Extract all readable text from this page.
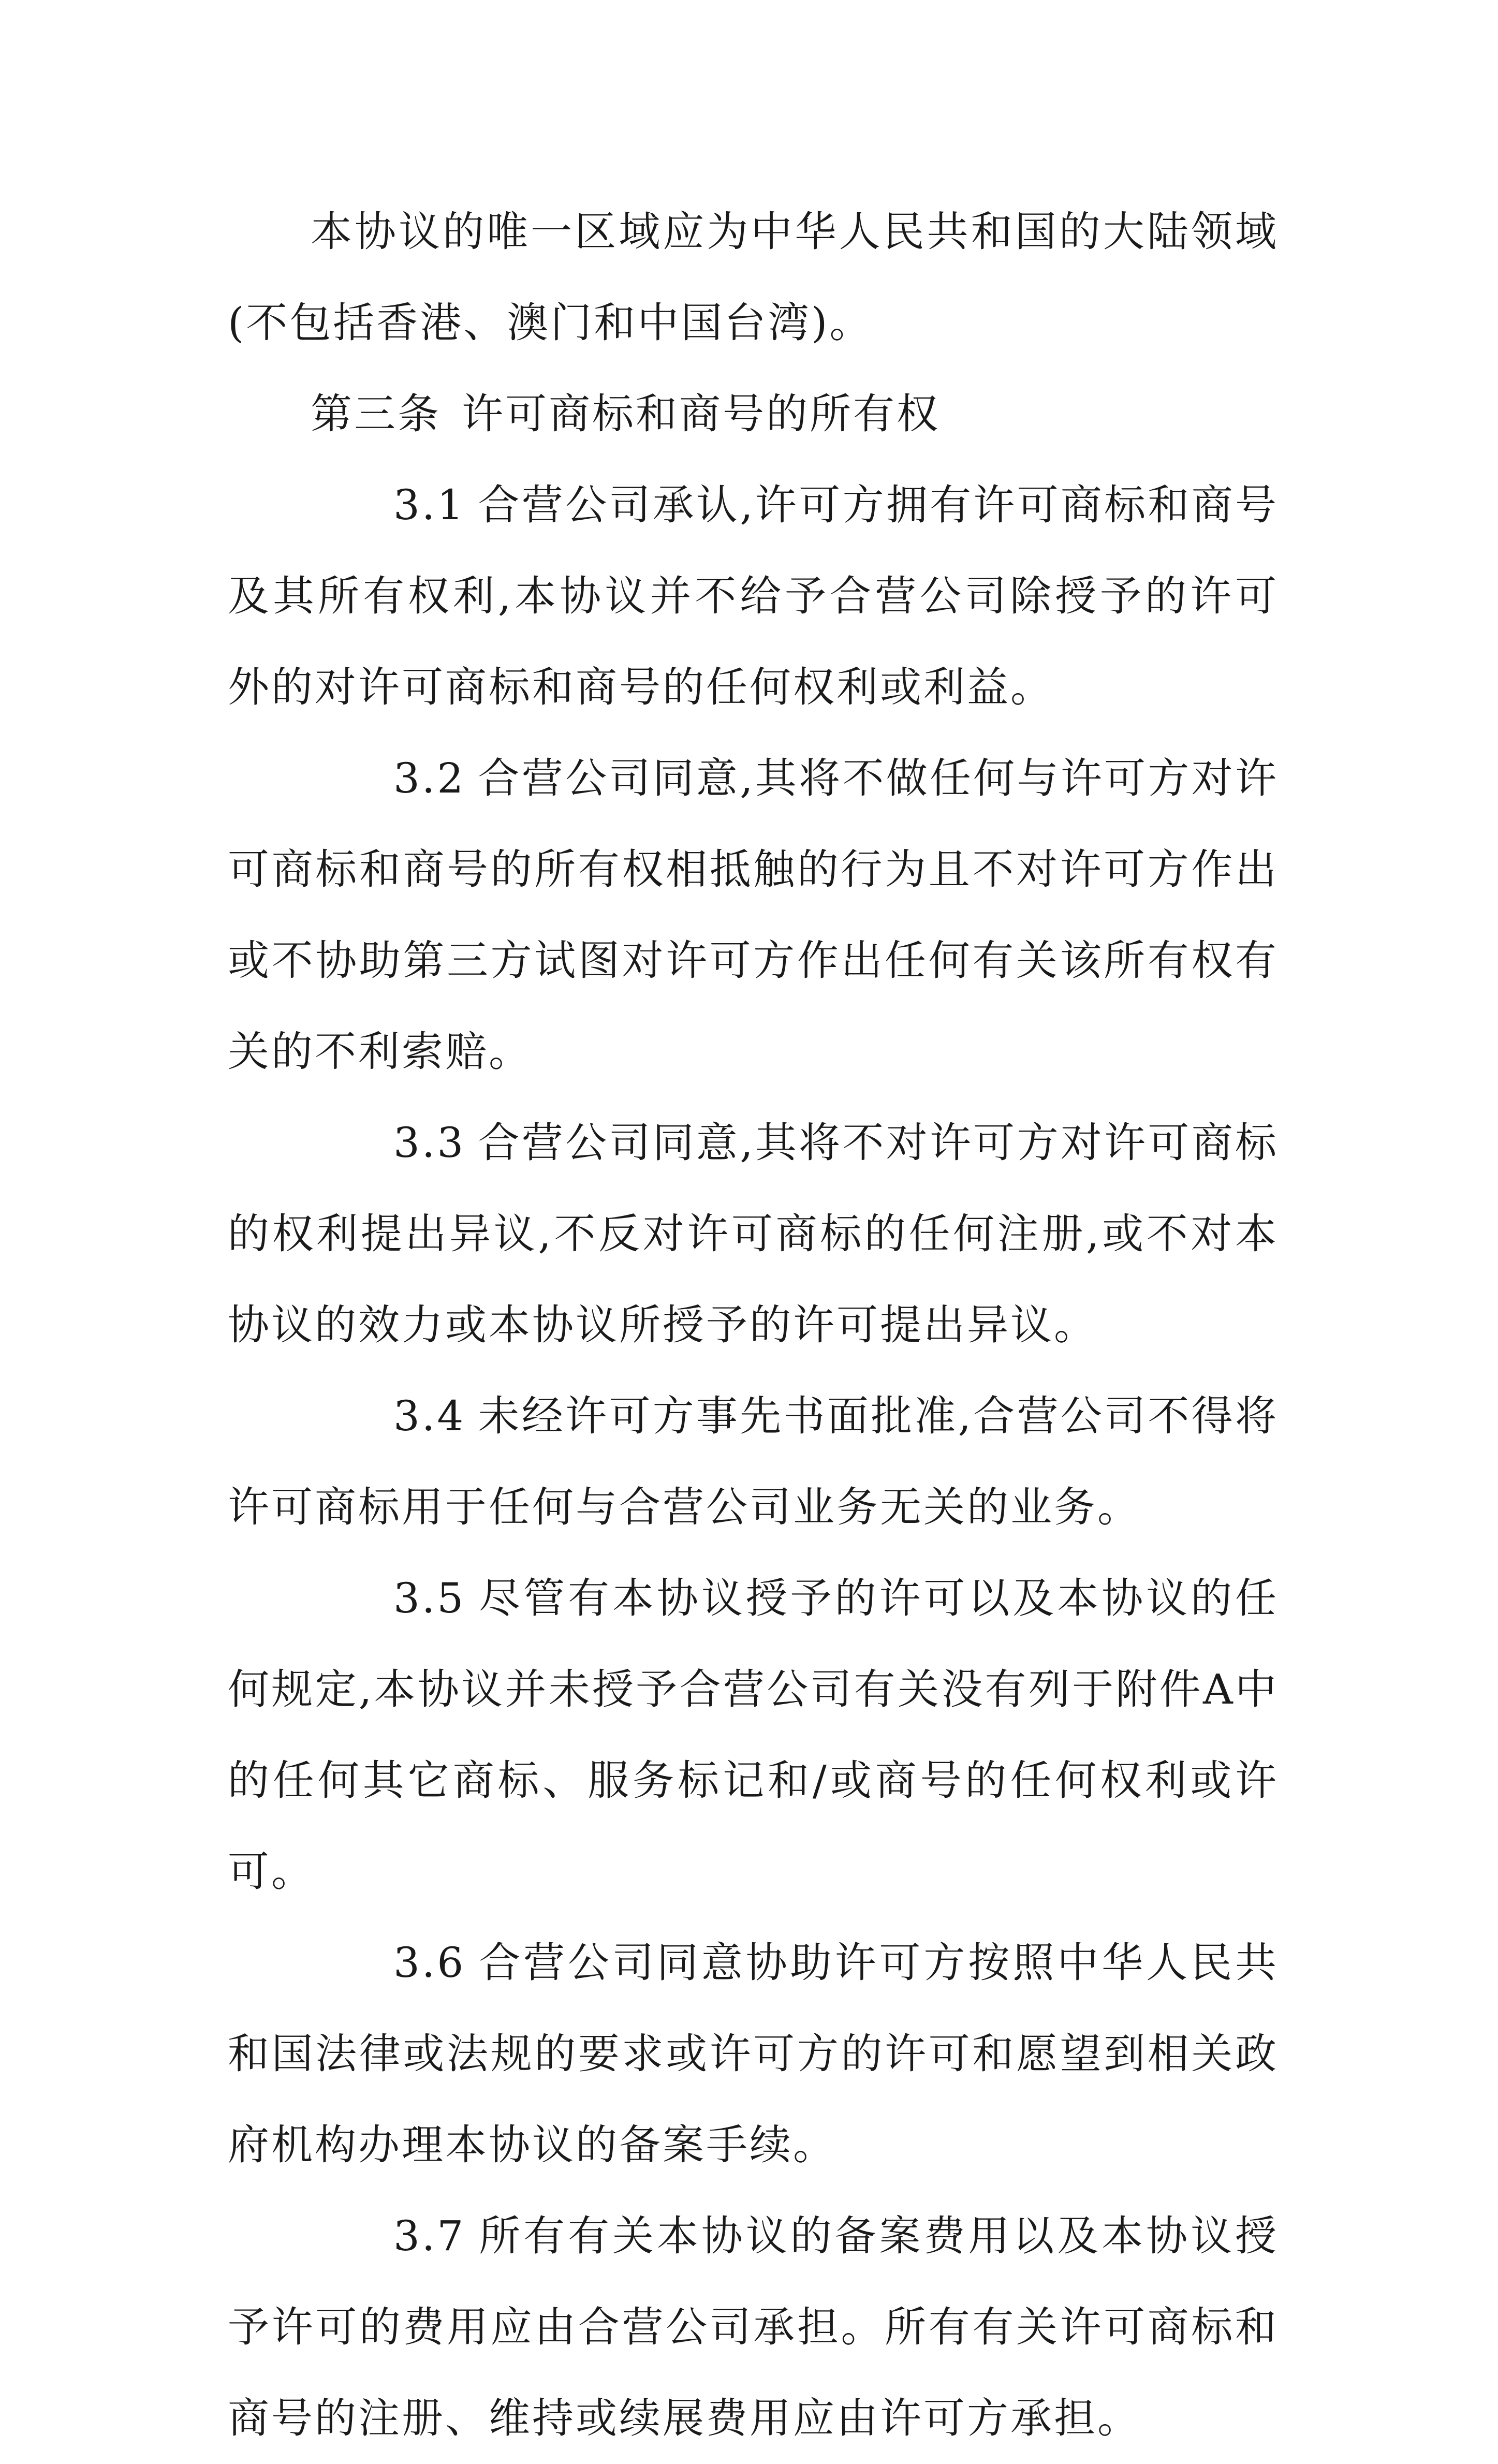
本协议的唯一区域应为中华人民共和国的大陆领域(不包括香港、澳门和中国台湾)。

第三条 许可商标和商号的所有权

3.1 合营公司承认,许可方拥有许可商标和商号及其所有权利,本协议并不给予合营公司除授予的许可外的对许可商标和商号的任何权利或利益。

3.2 合营公司同意,其将不做任何与许可方对许可商标和商号的所有权相抵触的行为且不对许可方作出或不协助第三方试图对许可方作出任何有关该所有权有关的不利索赔。

3.3 合营公司同意,其将不对许可方对许可商标的权利提出异议,不反对许可商标的任何注册,或不对本协议的效力或本协议所授予的许可提出异议。

3.4 未经许可方事先书面批准,合营公司不得将许可商标用于任何与合营公司业务无关的业务。

3.5 尽管有本协议授予的许可以及本协议的任何规定,本协议并未授予合营公司有关没有列于附件A中的任何其它商标、服务标记和/或商号的任何权利或许可。

3.6 合营公司同意协助许可方按照中华人民共和国法律或法规的要求或许可方的许可和愿望到相关政府机构办理本协议的备案手续。

3.7 所有有关本协议的备案费用以及本协议授予许可的费用应由合营公司承担。所有有关许可商标和商号的注册、维持或续展费用应由许可方承担。
